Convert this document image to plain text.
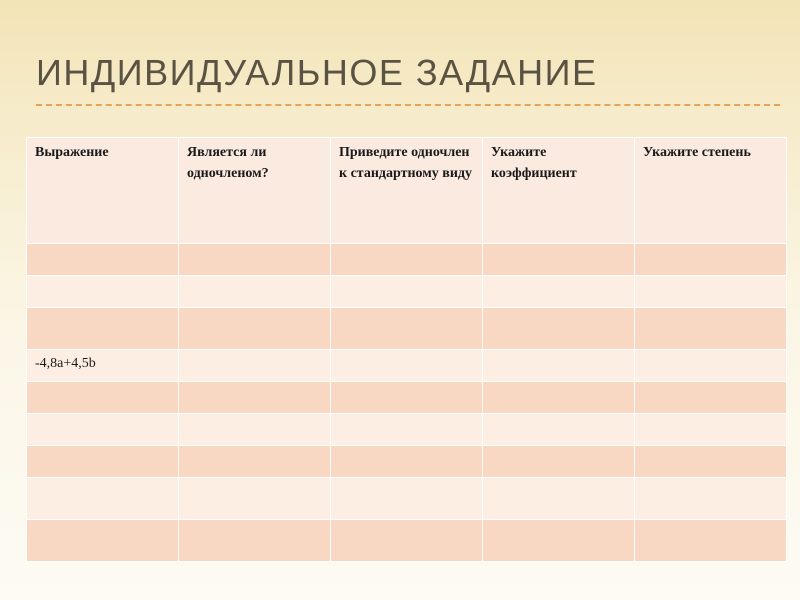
ИНДИВИДУАЛЬНОЕ ЗАДАНИЕ
Выражение	Является ли одночленом?	Приведите одночлен к стандартному виду	Укажите коэффициент	Укажите степень

-4,8a+4,5b				
